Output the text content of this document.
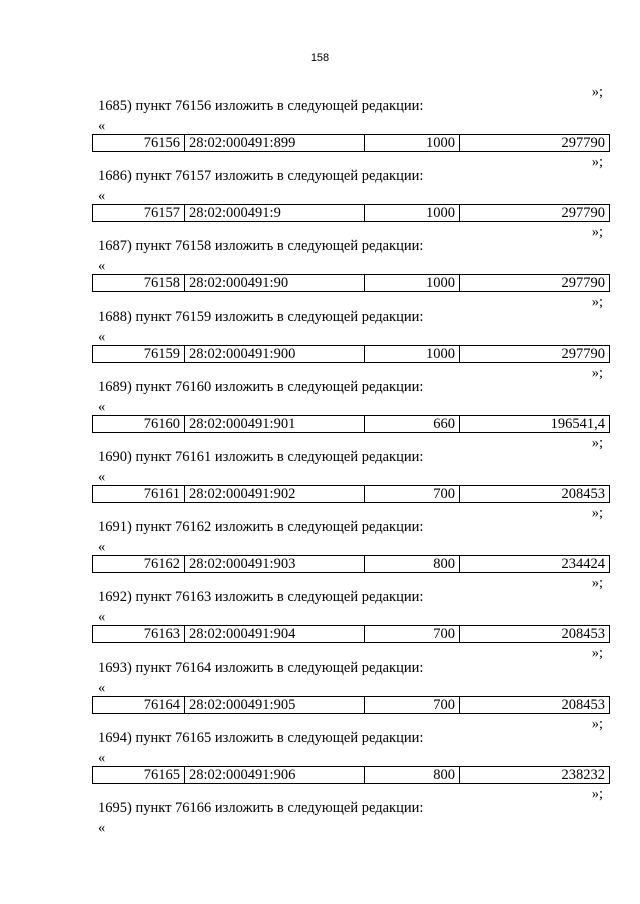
158
»;
1685) пункт 76156 изложить в следующей редакции:
«
76156 28:02:000491:899	1000	297790
»;
1686) пункт 76157 изложить в следующей редакции:
«
76157 28:02:000491:9	1000	297790
»;
1687) пункт 76158 изложить в следующей редакции:
«
76158 28:02:000491:90	1000	297790
»;
1688) пункт 76159 изложить в следующей редакции:
«
76159 28:02:000491:900	1000	297790
»;
1689) пункт 76160 изложить в следующей редакции:
«
76160 28:02:000491:901	660	196541,4
»;
1690) пункт 76161 изложить в следующей редакции:
«
76161 28:02:000491:902	700	208453
»;
1691) пункт 76162 изложить в следующей редакции:
«
76162 28:02:000491:903	800	234424
»;
1692) пункт 76163 изложить в следующей редакции:
«
76163 28:02:000491:904	700	208453
»;
1693) пункт 76164 изложить в следующей редакции:
«
76164 28:02:000491:905	700	208453
»;
1694) пункт 76165 изложить в следующей редакции:
«
76165 28:02:000491:906	800	238232
»;
1695) пункт 76166 изложить в следующей редакции:
«
